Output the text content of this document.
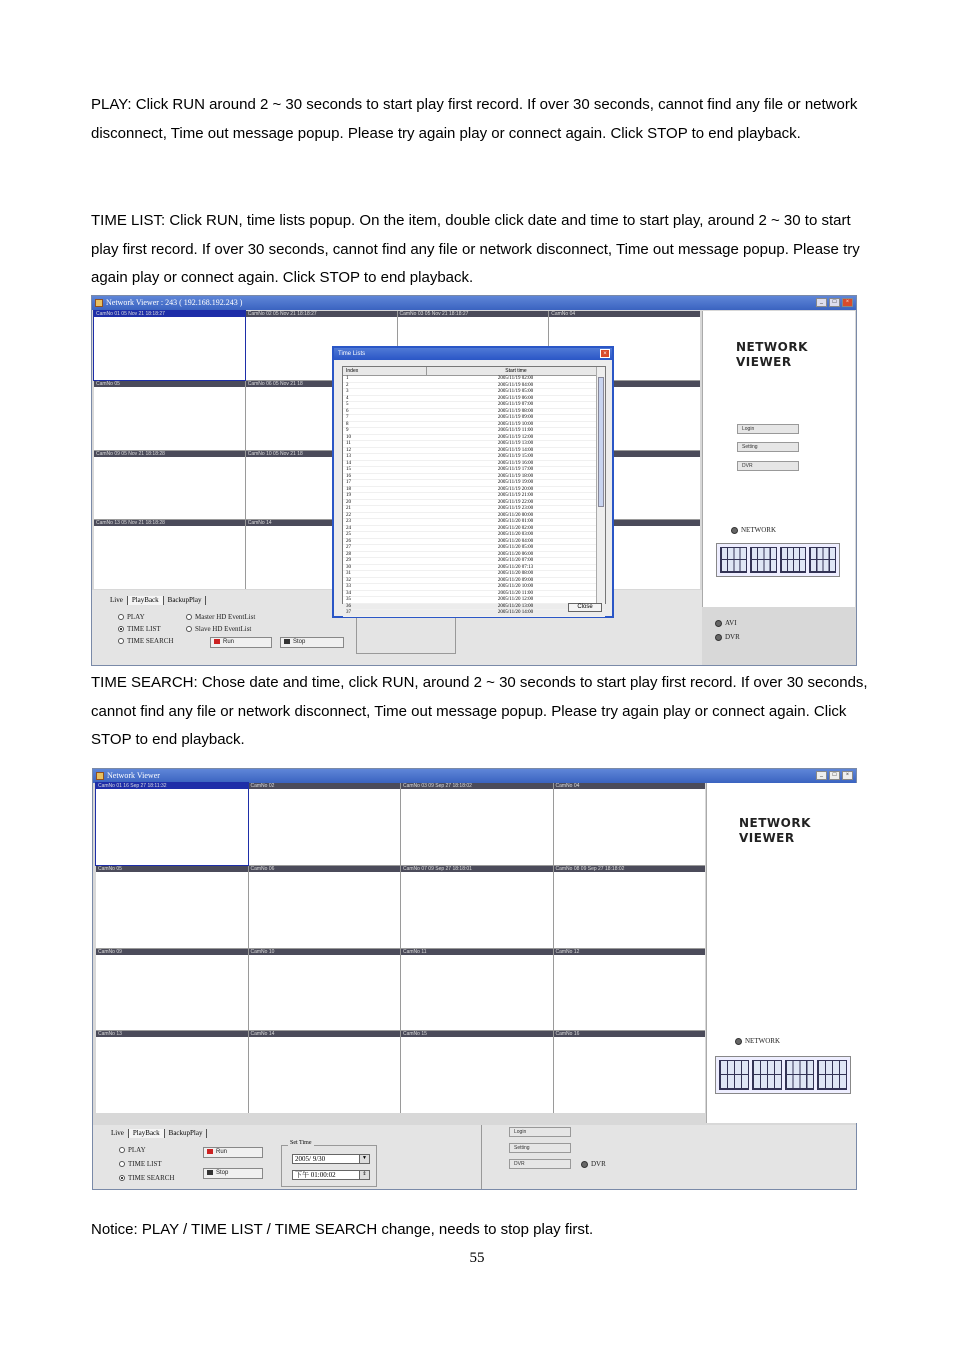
PLAY: Click RUN around 2 ~ 30 seconds to start play first record. If over 30 seconds, cannot find any file or network disconnect, Time out message popup. Please try again play or connect again. Click STOP to end playback.

TIME LIST: Click RUN, time lists popup. On the item, double click date and time to start play, around 2 ~ 30 to start play first record. If over 30 seconds, cannot find any file or network disconnect, Time out message popup. Please try again play or connect again. Click STOP to end playback.

Network Viewer : 243 ( 192.168.192.243 )	_	□	×
CamNo 01 05 Nov 21 18:18:27	CamNo 02 05 Nov 21 18:18:27	CamNo 03 05 Nov 21 18:18:27	CamNo 04
CamNo 05	CamNo 06 05 Nov 21 18
CamNo 09 05 Nov 21 18:18:28	CamNo 10 05 Nov 21 18
CamNo 13 05 Nov 21 18:18:28	CamNo 14
NETWORK VIEWER
Login
Setting
DVR
NETWORK
AVI
DVR
Live	PlayBack	BackupPlay
PLAY
TIME LIST
TIME SEARCH
Master HD EventList
Slave HD EventList
Run	Stop
Time Lists	×
Index	Start time
1	2005/11/19 02:00
2	2005/11/19 04:00
3	2005/11/19 05:00
4	2005/11/19 06:00
5	2005/11/19 07:00
6	2005/11/19 08:00
7	2005/11/19 09:00
8	2005/11/19 10:00
9	2005/11/19 11:00
10	2005/11/19 12:00
11	2005/11/19 13:00
12	2005/11/19 14:00
13	2005/11/19 15:00
14	2005/11/19 16:00
15	2005/11/19 17:00
16	2005/11/19 18:00
17	2005/11/19 19:00
18	2005/11/19 20:00
19	2005/11/19 21:00
20	2005/11/19 22:00
21	2005/11/19 23:00
22	2005/11/20 00:00
23	2005/11/20 01:00
24	2005/11/20 02:00
25	2005/11/20 03:00
26	2005/11/20 04:00
27	2005/11/20 05:00
28	2005/11/20 06:00
29	2005/11/20 07:00
30	2005/11/20 07:13
31	2005/11/20 08:00
32	2005/11/20 09:00
33	2005/11/20 10:00
34	2005/11/20 11:00
35	2005/11/20 12:00
36	2005/11/20 13:00
37	2005/11/20 14:00
Close

TIME SEARCH: Chose date and time, click RUN, around 2 ~ 30 seconds to start play first record. If over 30 seconds, cannot find any file or network disconnect, Time out message popup. Please try again play or connect again. Click STOP to end playback.

Network Viewer	_	□	×
CamNo 01 16 Sep 27 18:11:32	CamNo 02	CamNo 03 09 Sep 27 18:18:02	CamNo 04
CamNo 05	CamNo 06	CamNo 07 09 Sep 27 18:18:01	CamNo 08 09 Sep 27 18:18:02
CamNo 09	CamNo 10	CamNo 11	CamNo 12
CamNo 13	CamNo 14	CamNo 15	CamNo 16
NETWORK VIEWER
NETWORK
Live	PlayBack	BackupPlay
PLAY
TIME LIST
TIME SEARCH
Run
Stop
Set Time
2005/ 9/30	▼
下午 01:00:02	⇕
Login
Setting
DVR	DVR

Notice: PLAY / TIME LIST / TIME SEARCH change, needs to stop play first.

55
